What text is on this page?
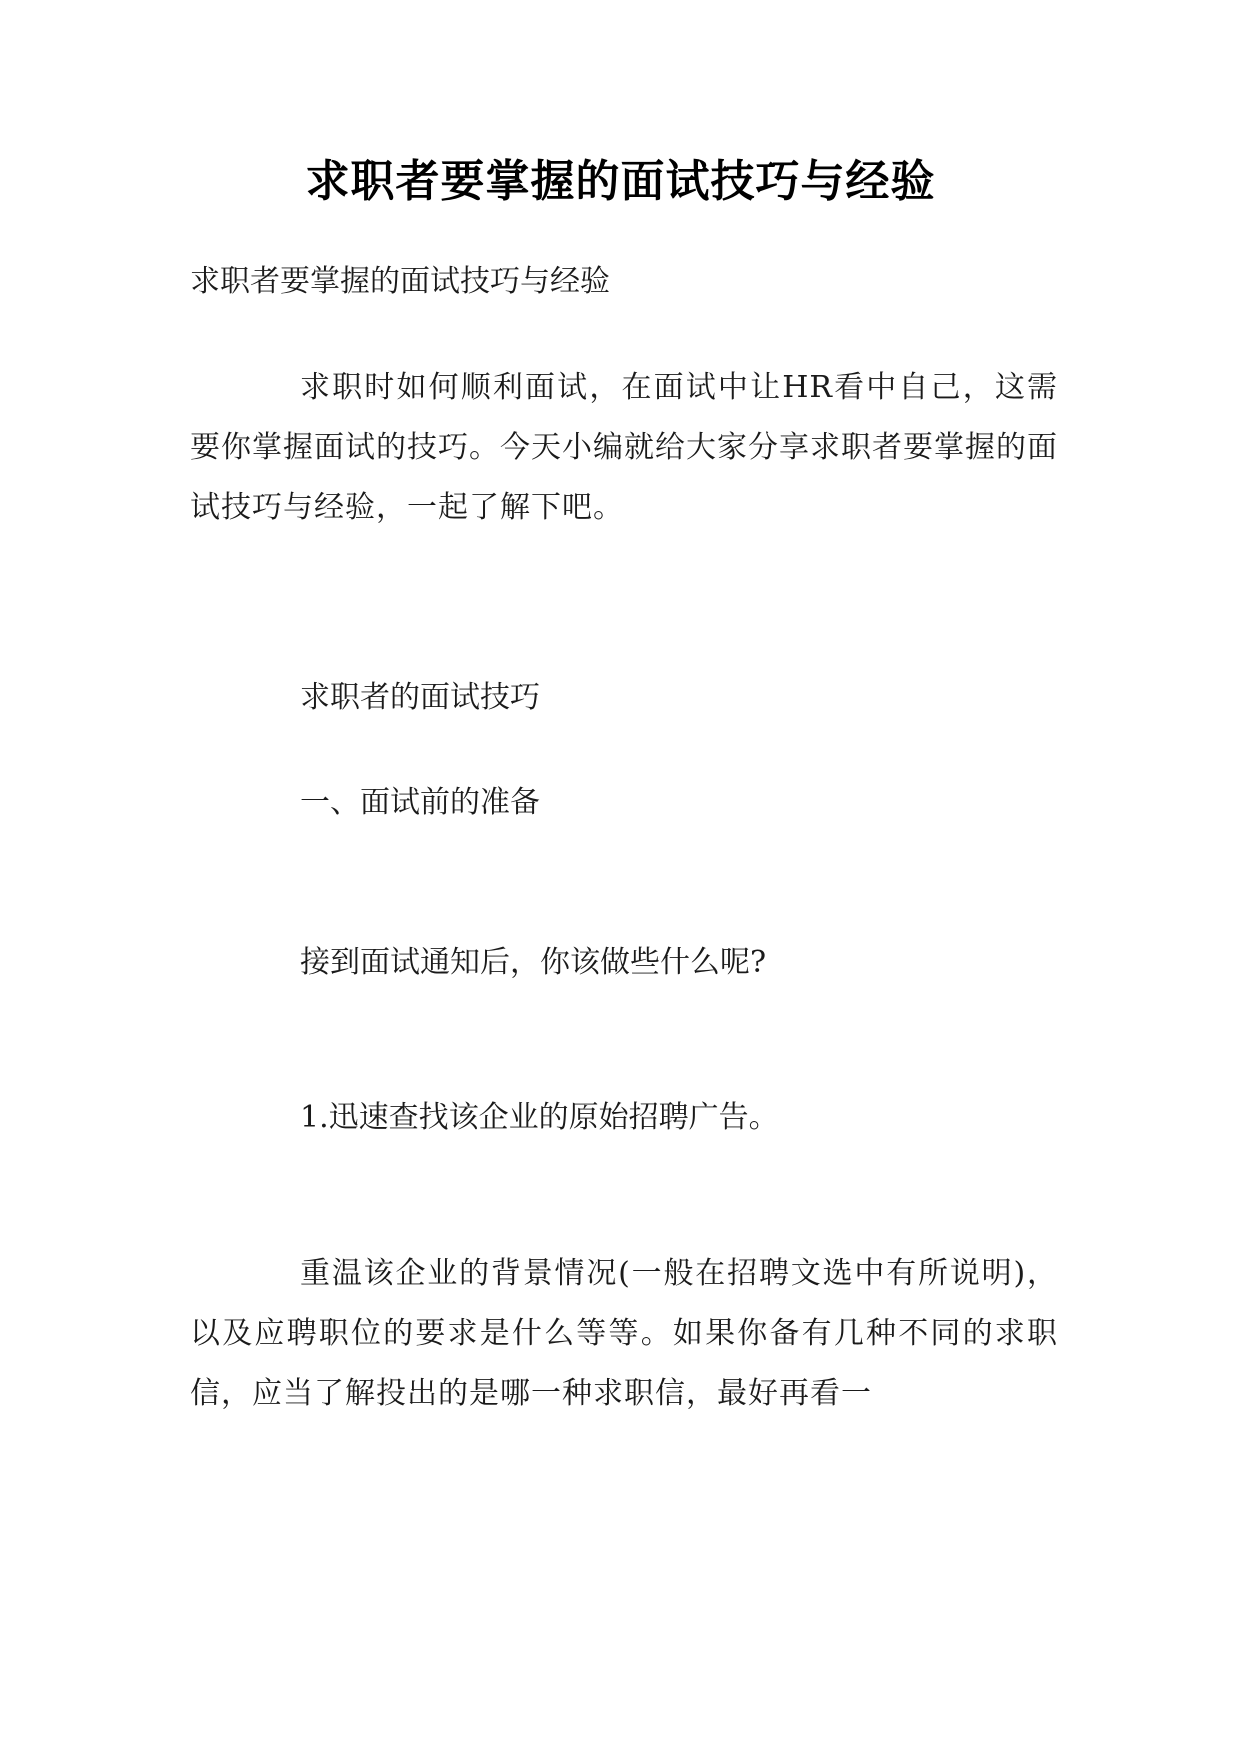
求职者要掌握的面试技巧与经验
求职者要掌握的面试技巧与经验
求职时如何顺利面试，在面试中让HR看中自己，这需要你掌握面试的技巧。今天小编就给大家分享求职者要掌握的面试技巧与经验，一起了解下吧。
求职者的面试技巧
一、面试前的准备
接到面试通知后，你该做些什么呢?
1.迅速查找该企业的原始招聘广告。
重温该企业的背景情况(一般在招聘文选中有所说明)，以及应聘职位的要求是什么等等。如果你备有几种不同的求职信，应当了解投出的是哪一种求职信，最好再看一
